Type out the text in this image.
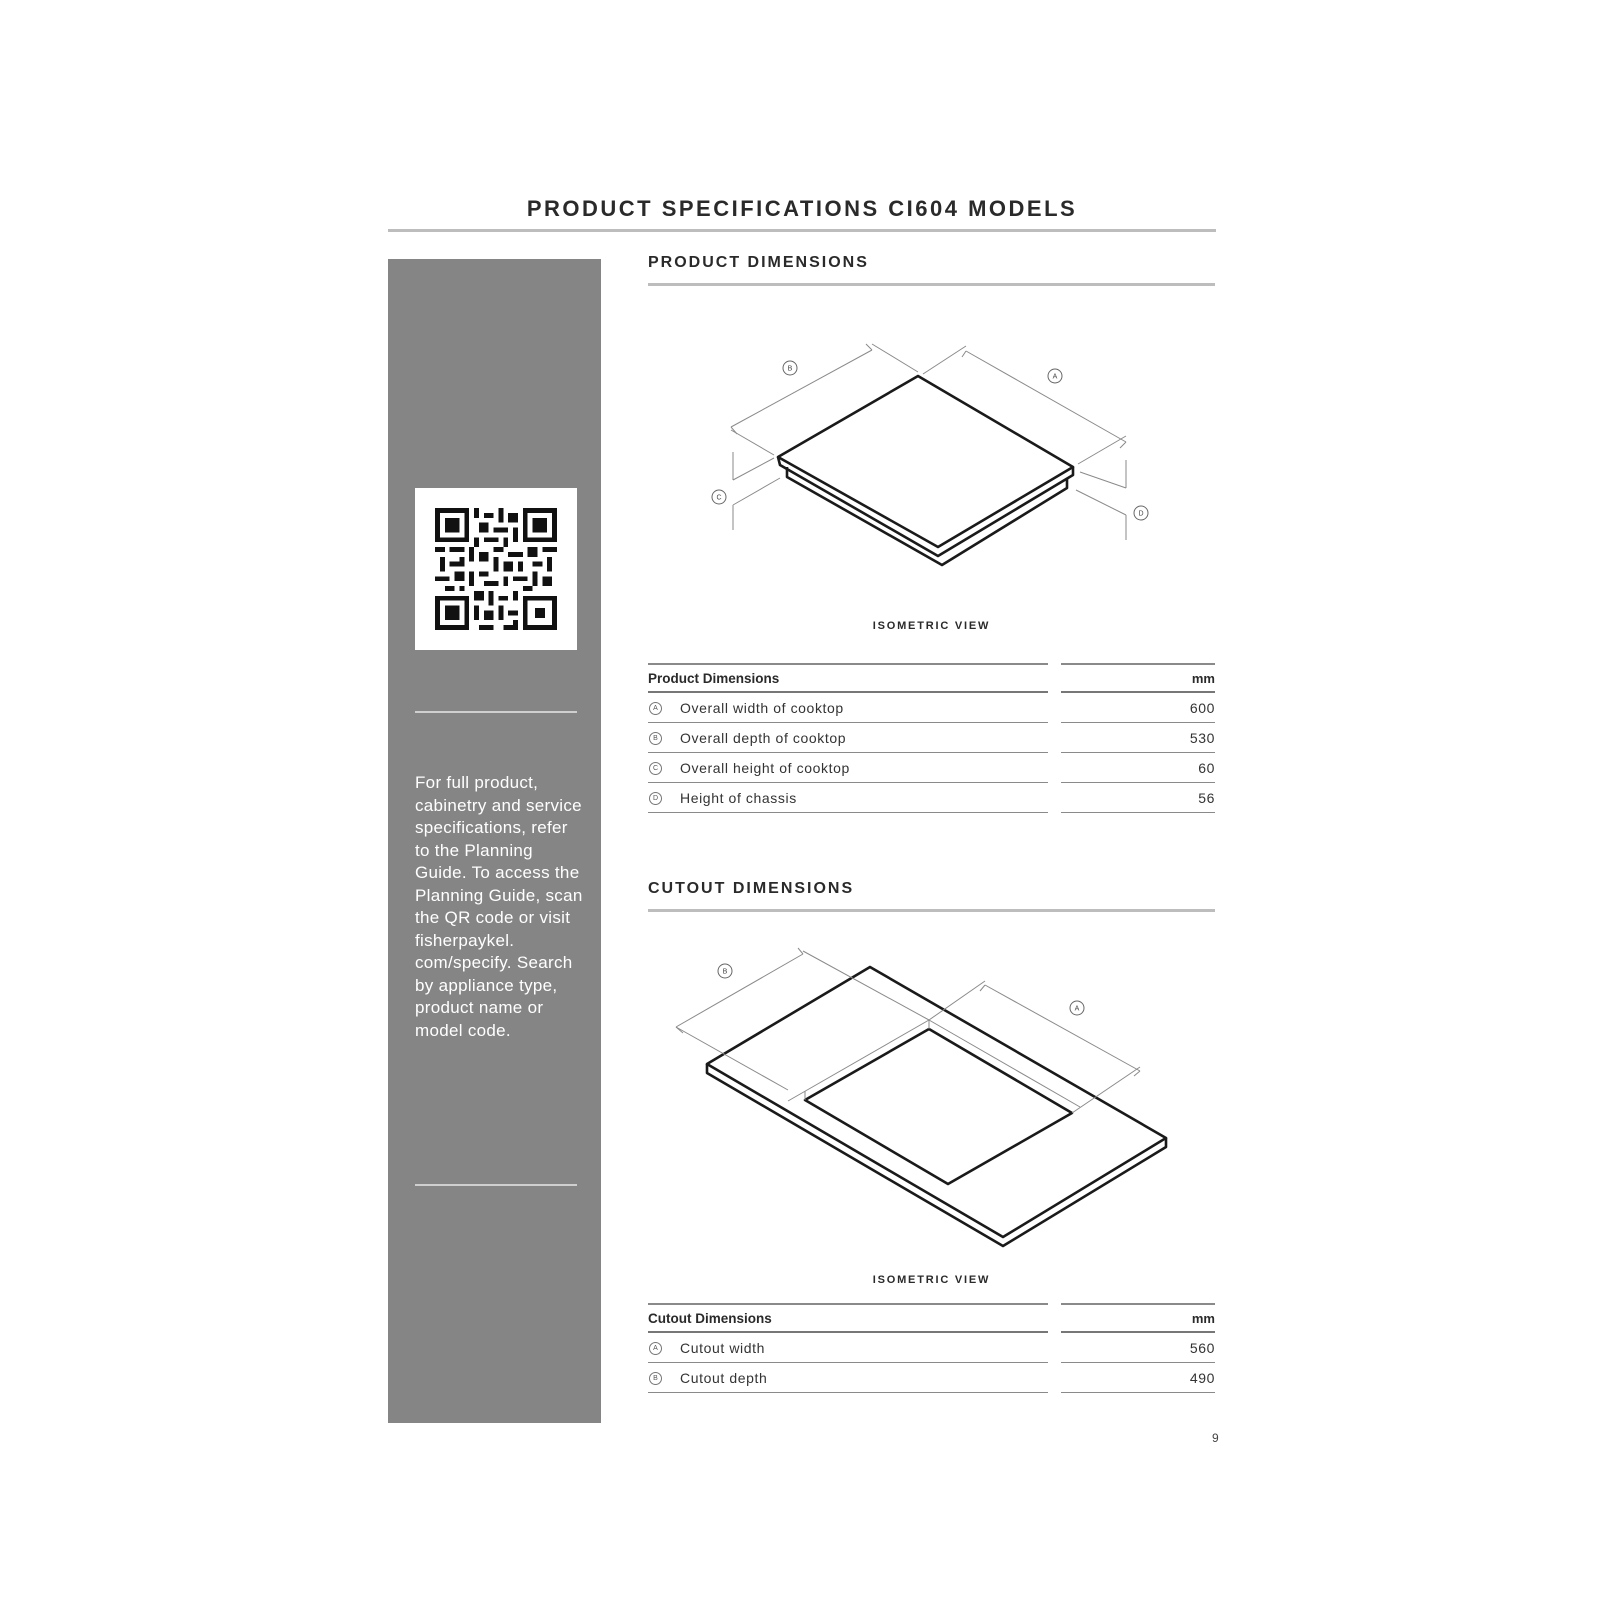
PRODUCT SPECIFICATIONS CI604 MODELS
For full product, cabinetry and service specifications, refer to the Planning Guide. To access the Planning Guide, scan the QR code or visit fisherpaykel. com/specify. Search by appliance type, product name or model code.
PRODUCT DIMENSIONS
B
A
C
D
ISOMETRIC VIEW
Product Dimensions	mm
A Overall width of cooktop	600
B Overall depth of cooktop	530
C Overall height of cooktop	60
D Height of chassis	56
CUTOUT DIMENSIONS
B
A
ISOMETRIC VIEW
Cutout Dimensions	mm
A Cutout width	560
B Cutout depth	490
9
